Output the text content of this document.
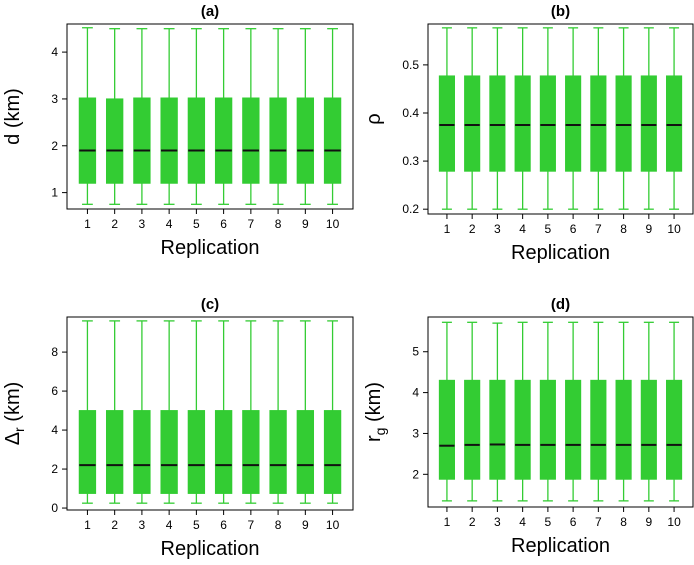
(a)
1 2 3 4 5 6 7 8 9 10
1
2
3
4
Replication
d (km)
(b)
1 2 3 4 5 6 7 8 9 10
0.2
0.3
0.4
0.5
Replication
ρ
(c)
1 2 3 4 5 6 7 8 9 10
0
2
4
6
8
Replication
$\Delta_r$ (km)
(d)
1 2 3 4 5 6 7 8 9 10
2
3
4
5
Replication
$r_g$ (km)
